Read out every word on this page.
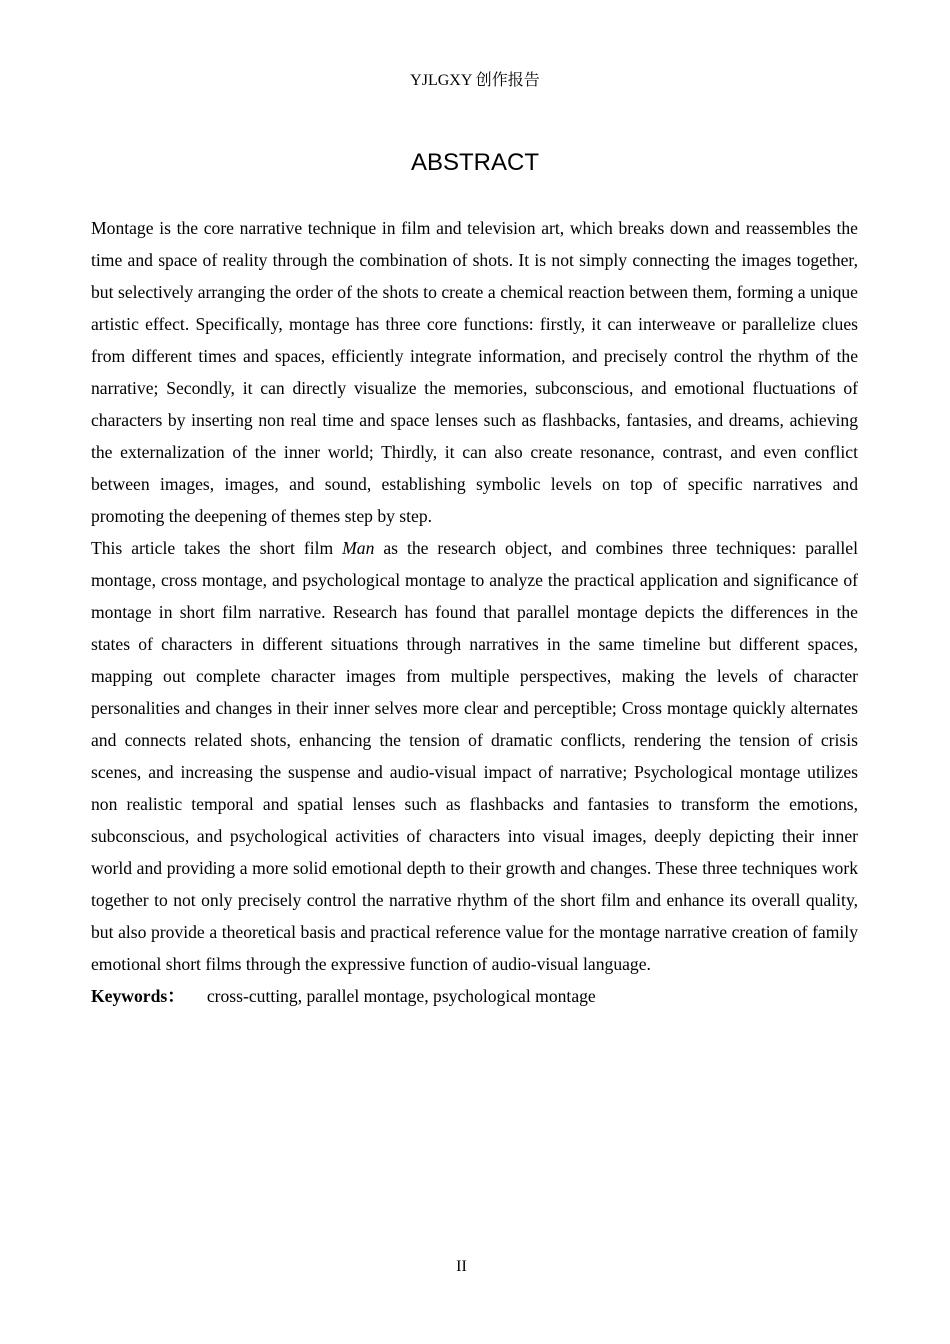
YJLGXY 创作报告
ABSTRACT

Montage is the core narrative technique in film and television art, which breaks down and reassembles the time and space of reality through the combination of shots. It is not simply connecting the images together, but selectively arranging the order of the shots to create a chemical reaction between them, forming a unique artistic effect. Specifically, montage has three core functions: firstly, it can interweave or parallelize clues from different times and spaces, efficiently integrate information, and precisely control the rhythm of the narrative; Secondly, it can directly visualize the memories, subconscious, and emotional fluctuations of characters by inserting non real time and space lenses such as flashbacks, fantasies, and dreams, achieving the externalization of the inner world; Thirdly, it can also create resonance, contrast, and even conflict between images, images, and sound, establishing symbolic levels on top of specific narratives and promoting the deepening of themes step by step.

This article takes the short film Man as the research object, and combines three techniques: parallel montage, cross montage, and psychological montage to analyze the practical application and significance of montage in short film narrative. Research has found that parallel montage depicts the differences in the states of characters in different situations through narratives in the same timeline but different spaces, mapping out complete character images from multiple perspectives, making the levels of character personalities and changes in their inner selves more clear and perceptible; Cross montage quickly alternates and connects related shots, enhancing the tension of dramatic conflicts, rendering the tension of crisis scenes, and increasing the suspense and audio-visual impact of narrative; Psychological montage utilizes non realistic temporal and spatial lenses such as flashbacks and fantasies to transform the emotions, subconscious, and psychological activities of characters into visual images, deeply depicting their inner world and providing a more solid emotional depth to their growth and changes. These three techniques work together to not only precisely control the narrative rhythm of the short film and enhance its overall quality, but also provide a theoretical basis and practical reference value for the montage narrative creation of family emotional short films through the expressive function of audio-visual language.

Keywords： cross-cutting, parallel montage, psychological montage

II
